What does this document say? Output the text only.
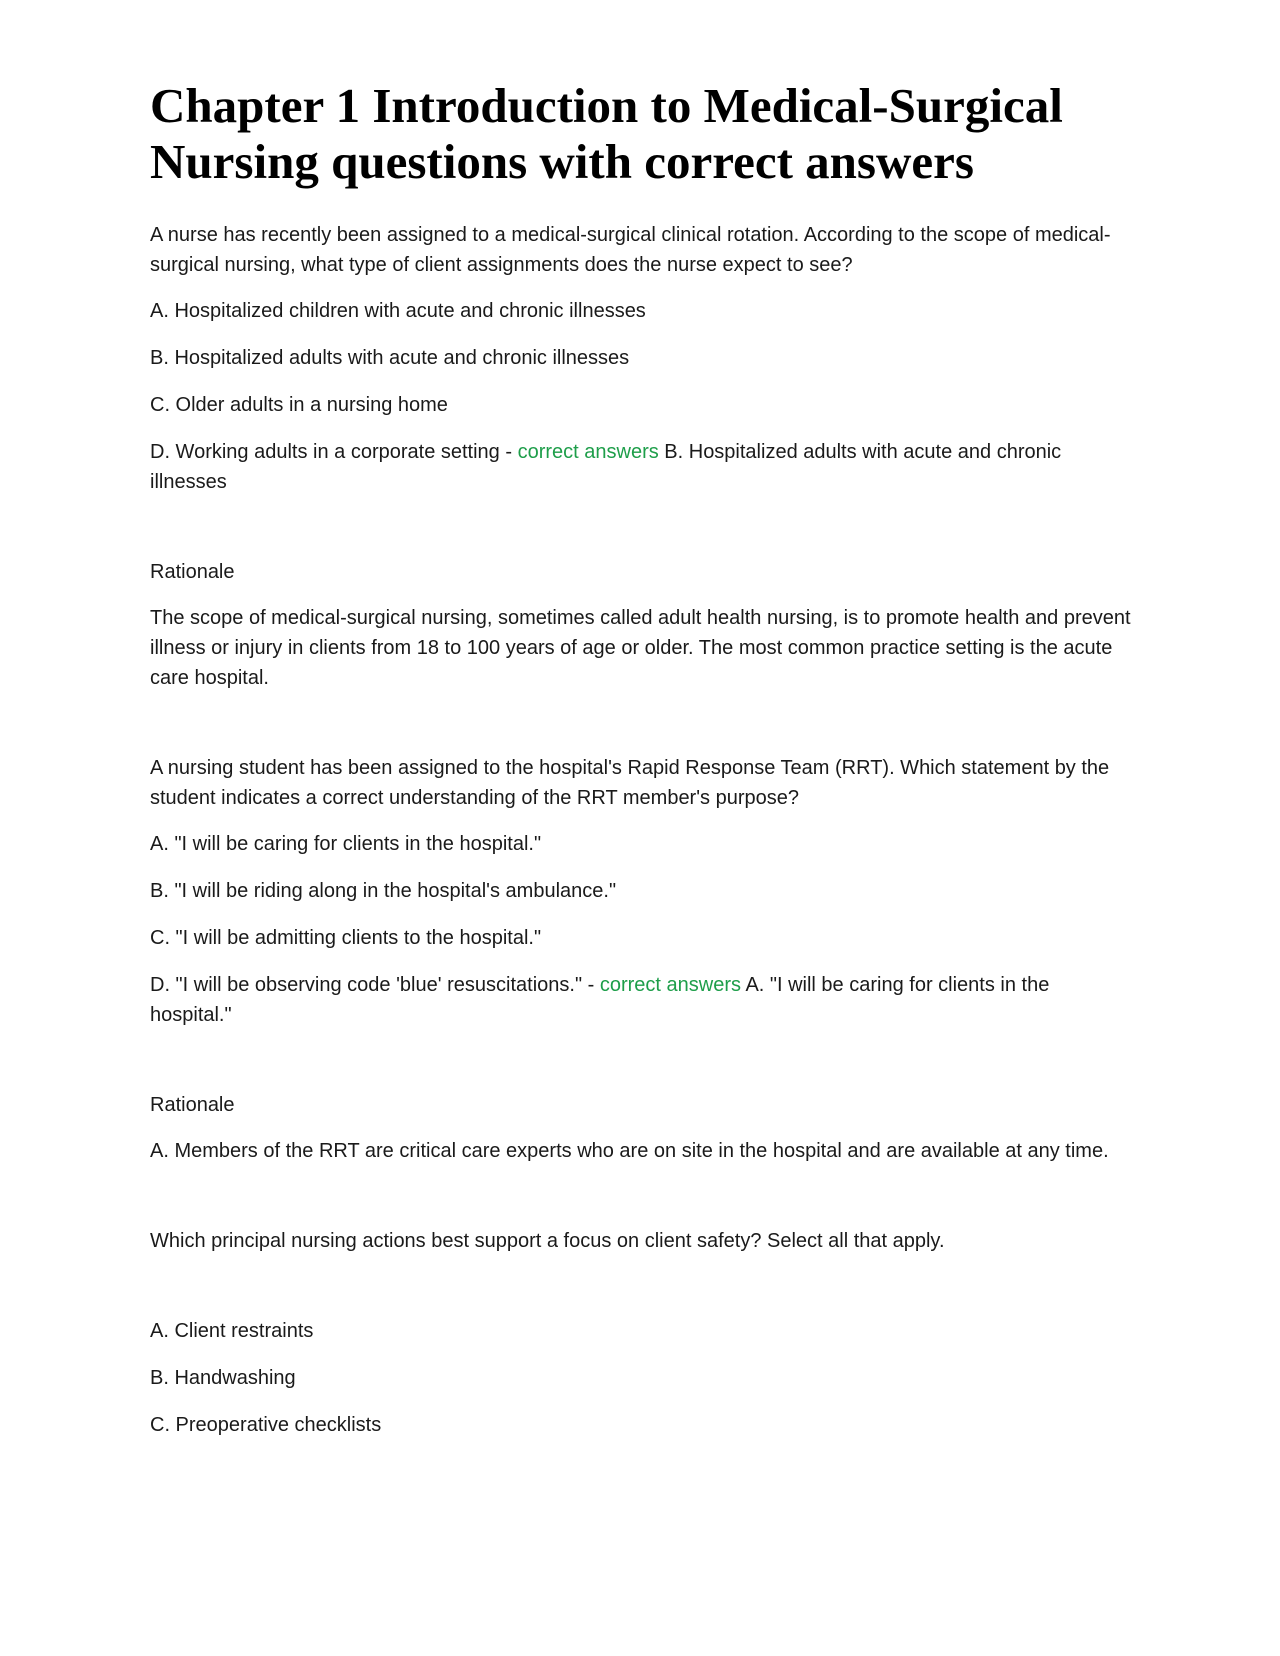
Chapter 1 Introduction to Medical-Surgical Nursing questions with correct answers

A nurse has recently been assigned to a medical-surgical clinical rotation. According to the scope of medical-surgical nursing, what type of client assignments does the nurse expect to see?

A. Hospitalized children with acute and chronic illnesses

B. Hospitalized adults with acute and chronic illnesses

C. Older adults in a nursing home

D. Working adults in a corporate setting - correct answers B. Hospitalized adults with acute and chronic illnesses

Rationale

The scope of medical-surgical nursing, sometimes called adult health nursing, is to promote health and prevent illness or injury in clients from 18 to 100 years of age or older. The most common practice setting is the acute care hospital.

A nursing student has been assigned to the hospital's Rapid Response Team (RRT). Which statement by the student indicates a correct understanding of the RRT member's purpose?

A. "I will be caring for clients in the hospital."

B. "I will be riding along in the hospital's ambulance."

C. "I will be admitting clients to the hospital."

D. "I will be observing code 'blue' resuscitations." - correct answers A. "I will be caring for clients in the hospital."

Rationale

A. Members of the RRT are critical care experts who are on site in the hospital and are available at any time.

Which principal nursing actions best support a focus on client safety? Select all that apply.

A. Client restraints

B. Handwashing

C. Preoperative checklists
